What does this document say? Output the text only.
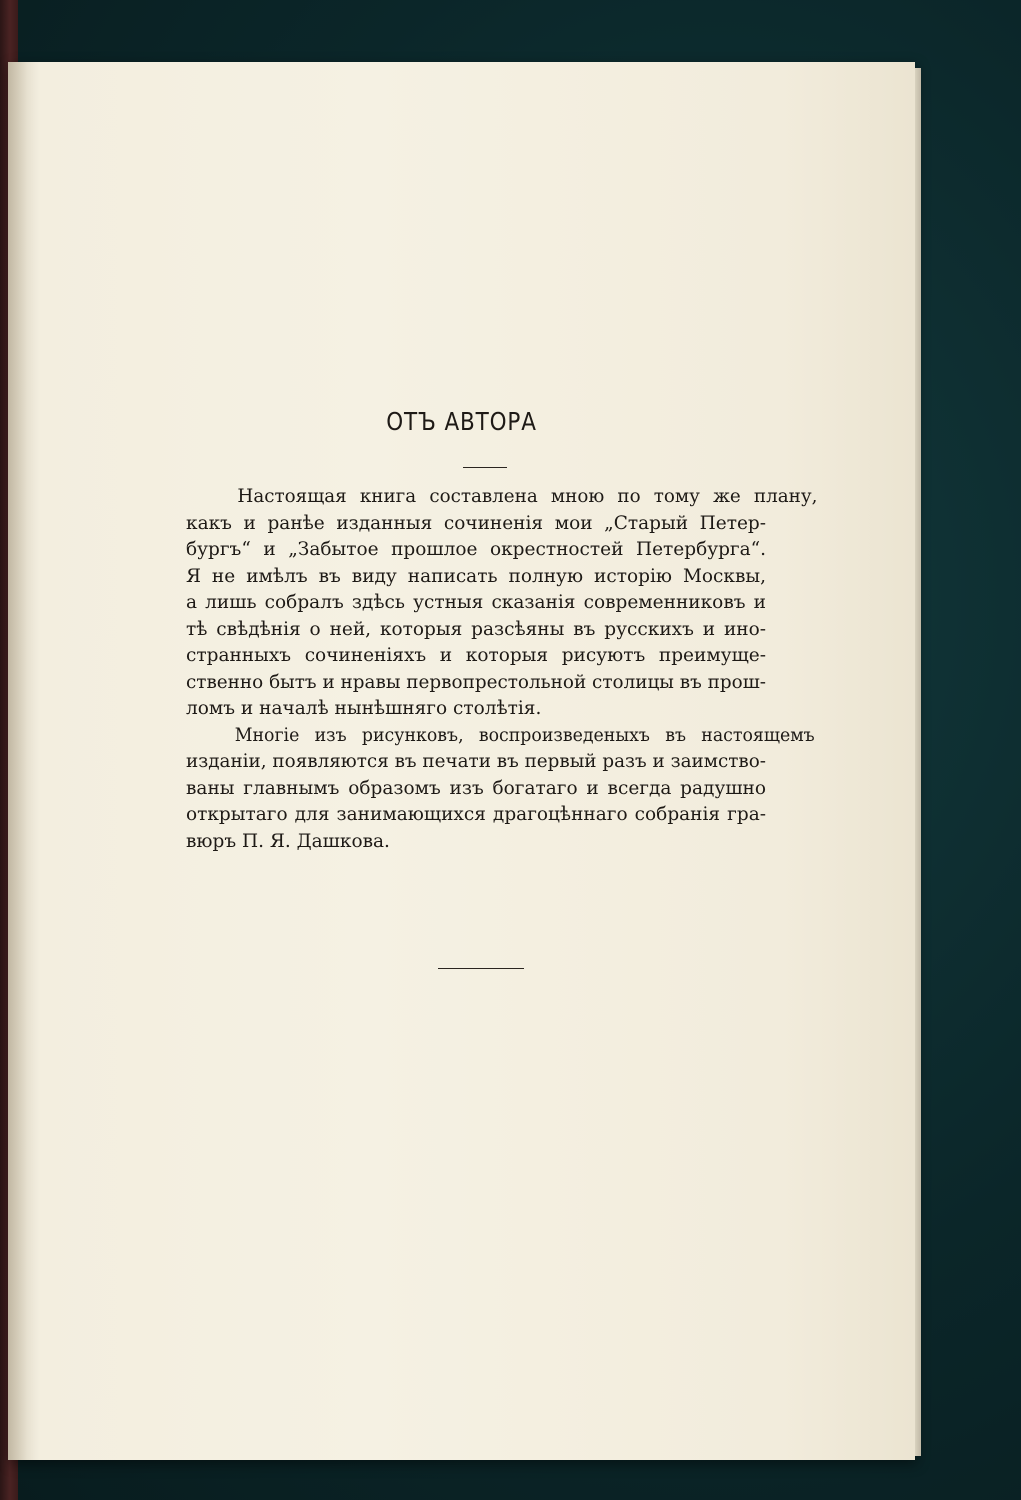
ОТЪ АВТОРА
Настоящая книга составлена мною по тому же плану,
какъ и ранѣе изданныя сочиненія мои „Старый Петер-
бургъ“ и „Забытое прошлое окрестностей Петербурга“.
Я не имѣлъ въ виду написать полную исторію Москвы,
а лишь собралъ здѣсь устныя сказанія современниковъ и
тѣ свѣдѣнія о ней, которыя разсѣяны въ русскихъ и ино-
странныхъ сочиненіяхъ и которыя рисуютъ преимуще-
ственно бытъ и нравы первопрестольной столицы въ прош-
ломъ и началѣ нынѣшняго столѣтія.
Многіе изъ рисунковъ, воспроизведеныхъ въ настоящемъ
изданіи, появляются въ печати въ первый разъ и заимство-
ваны главнымъ образомъ изъ богатаго и всегда радушно
открытаго для занимающихся драгоцѣннаго собранія гра-
вюръ П. Я. Дашкова.
